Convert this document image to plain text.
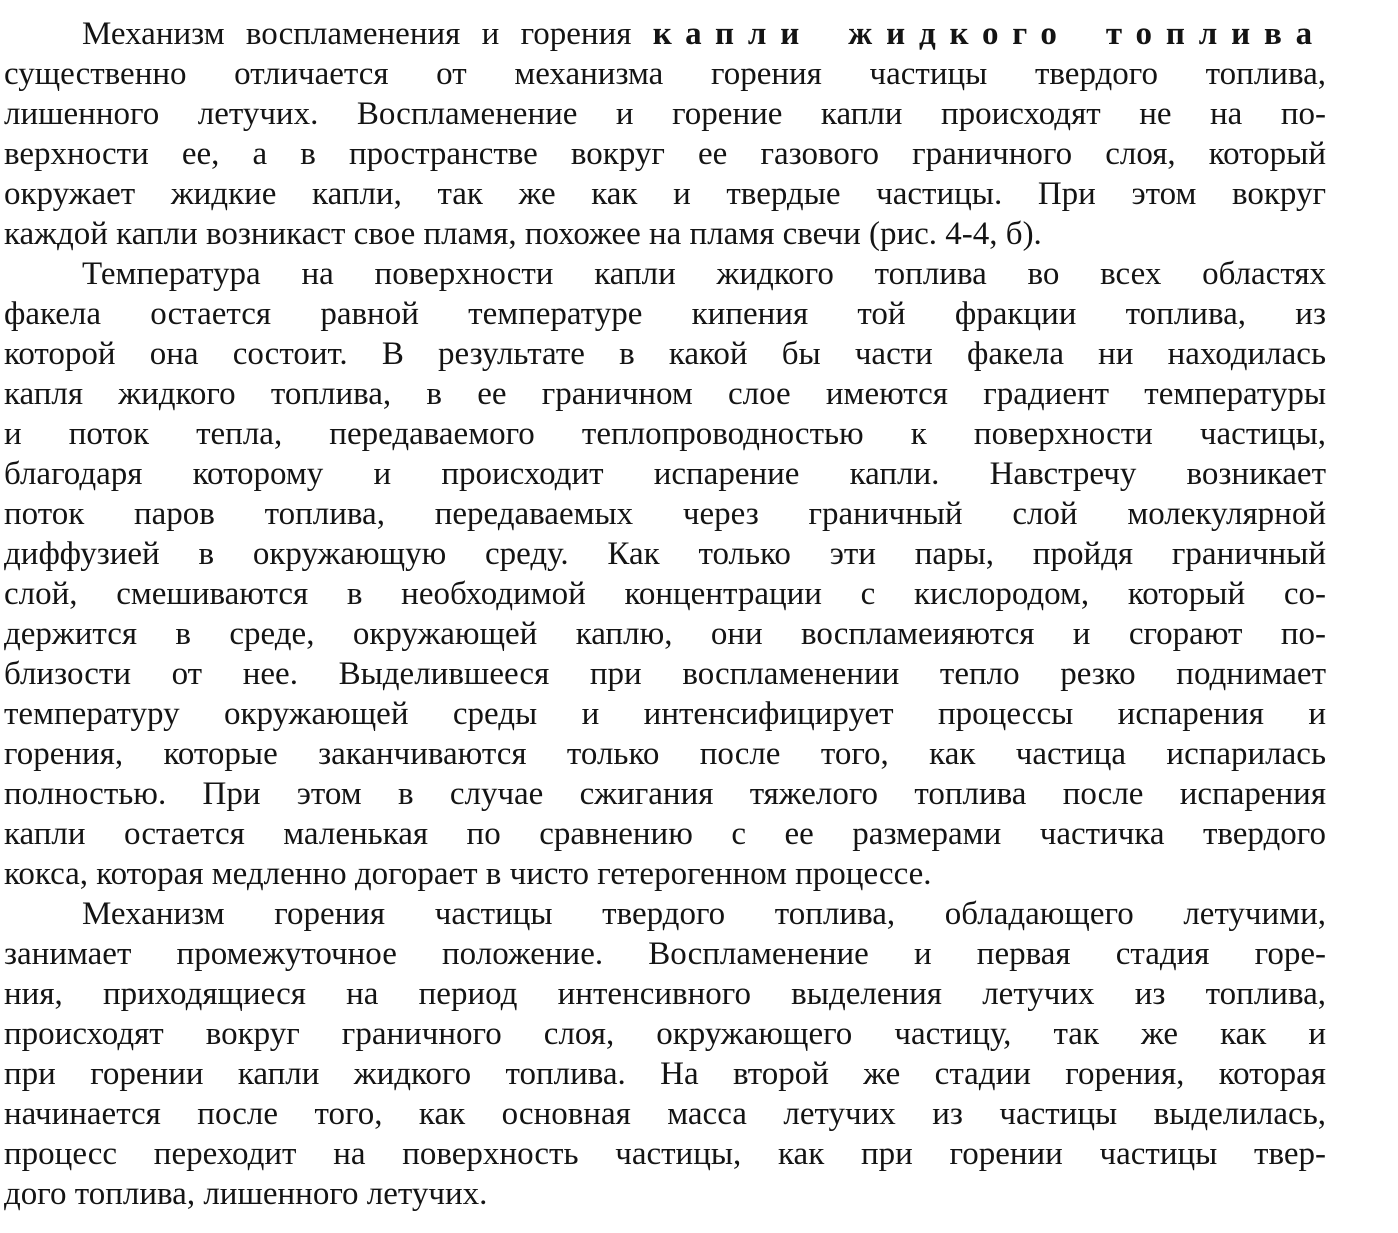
Механизм воспламенения и горения капли жидкого топлива
существенно отличается от механизма горения частицы твердого топлива,
лишенного летучих. Воспламенение и горение капли происходят не на по-
верхности ее, а в пространстве вокруг ее газового граничного слоя, который
окружает жидкие капли, так же как и твердые частицы. При этом вокруг
каждой капли возникаст свое пламя, похожее на пламя свечи (рис. 4-4, б).
Температура на поверхности капли жидкого топлива во всех областях
факела остается равной температуре кипения той фракции топлива, из
которой она состоит. В результате в какой бы части факела ни находилась
капля жидкого топлива, в ее граничном слое имеются градиент температуры
и поток тепла, передаваемого теплопроводностью к поверхности частицы,
благодаря которому и происходит испарение капли. Навстречу возникает
поток паров топлива, передаваемых через граничный слой молекулярной
диффузией в окружающую среду. Как только эти пары, пройдя граничный
слой, смешиваются в необходимой концентрации с кислородом, который со-
держится в среде, окружающей каплю, они воспламеияются и сгорают по-
близости от нее. Выделившееся при воспламенении тепло резко поднимает
температуру окружающей среды и интенсифицирует процессы испарения и
горения, которые заканчиваются только после того, как частица испарилась
полностью. При этом в случае сжигания тяжелого топлива после испарения
капли остается маленькая по сравнению с ее размерами частичка твердого
кокса, которая медленно догорает в чисто гетерогенном процессе.
Механизм горения частицы твердого топлива, обладающего летучими,
занимает промежуточное положение. Воспламенение и первая стадия горе-
ния, приходящиеся на период интенсивного выделения летучих из топлива,
происходят вокруг граничного слоя, окружающего частицу, так же как и
при горении капли жидкого топлива. На второй же стадии горения, которая
начинается после того, как основная масса летучих из частицы выделилась,
процесс переходит на поверхность частицы, как при горении частицы твер-
дого топлива, лишенного летучих.
